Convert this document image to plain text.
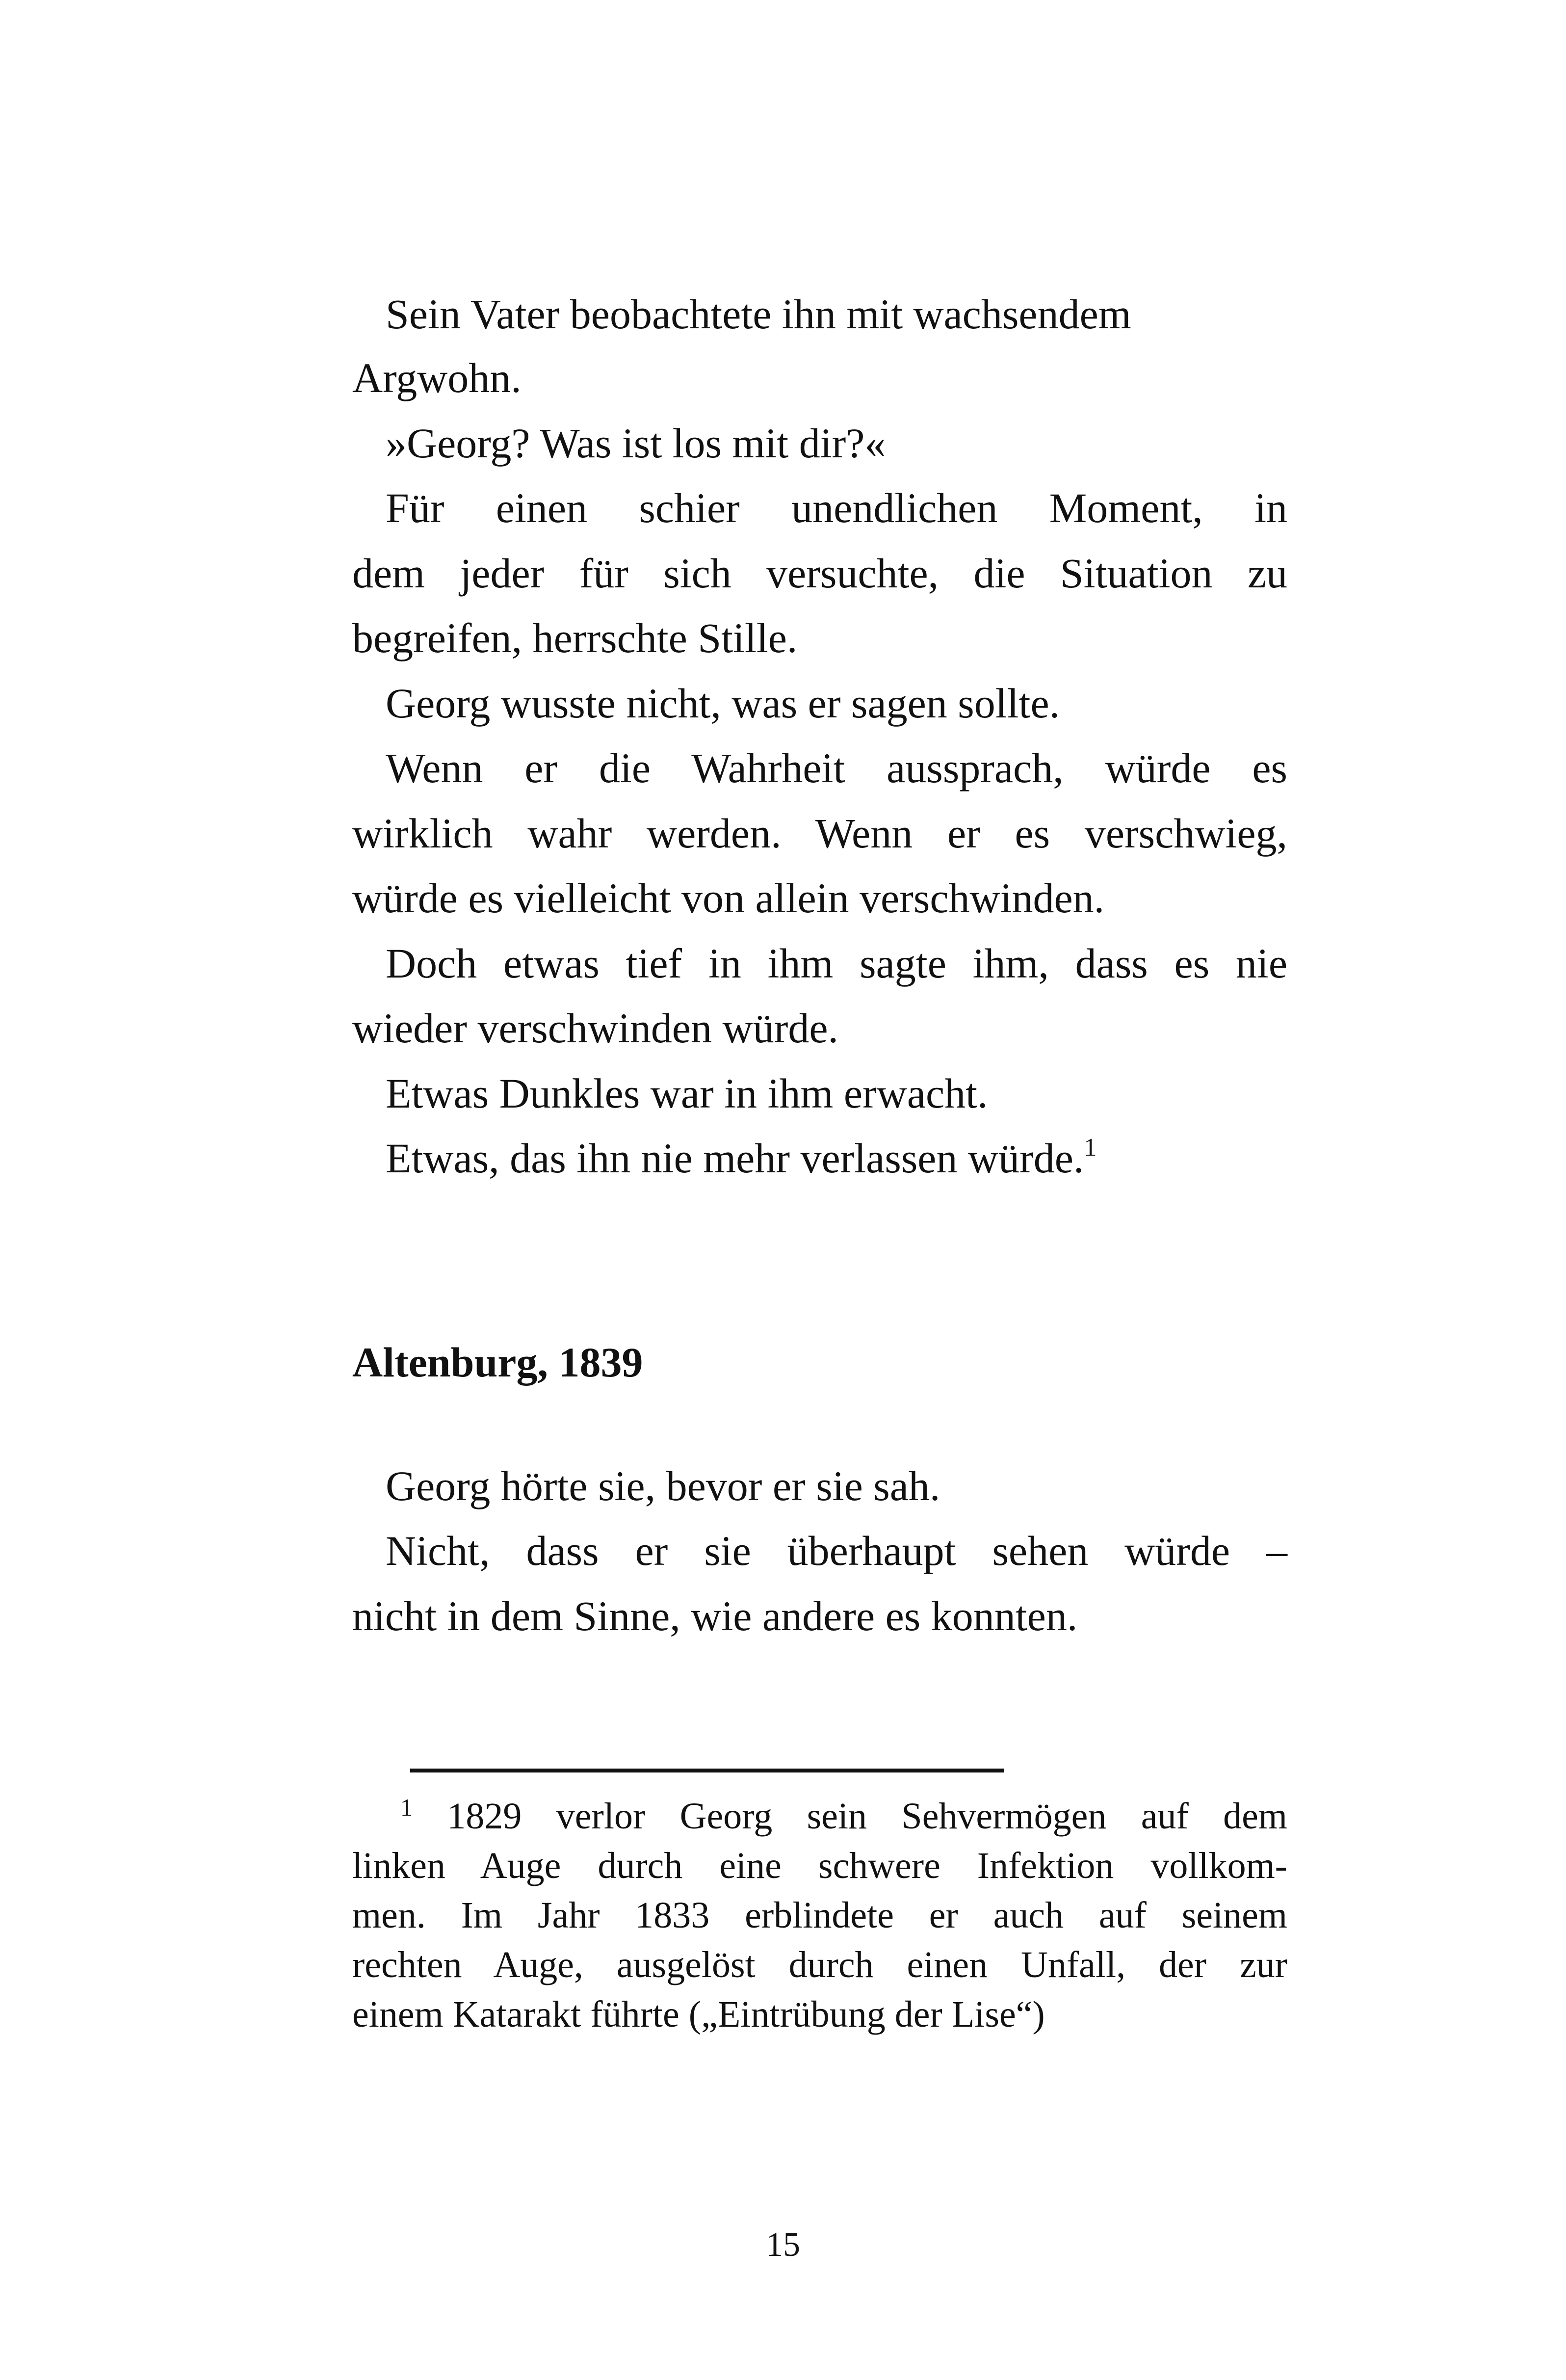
Sein Vater beobachtete ihn mit wachsendem
Argwohn.
»Georg? Was ist los mit dir?«
Für einen schier unendlichen Moment, in
dem jeder für sich versuchte, die Situation zu
begreifen, herrschte Stille.
Georg wusste nicht, was er sagen sollte.
Wenn er die Wahrheit aussprach, würde es
wirklich wahr werden. Wenn er es verschwieg,
würde es vielleicht von allein verschwinden.
Doch etwas tief in ihm sagte ihm, dass es nie
wieder verschwinden würde.
Etwas Dunkles war in ihm erwacht.
Etwas, das ihn nie mehr verlassen würde.$^1$
Altenburg, 1839
Georg hörte sie, bevor er sie sah.
Nicht, dass er sie überhaupt sehen würde –
nicht in dem Sinne, wie andere es konnten.
$^1$ 1829 verlor Georg sein Sehvermögen auf dem
linken Auge durch eine schwere Infektion vollkom-
men. Im Jahr 1833 erblindete er auch auf seinem
rechten Auge, ausgelöst durch einen Unfall, der zur
einem Katarakt führte („Eintrübung der Lise“)
15
